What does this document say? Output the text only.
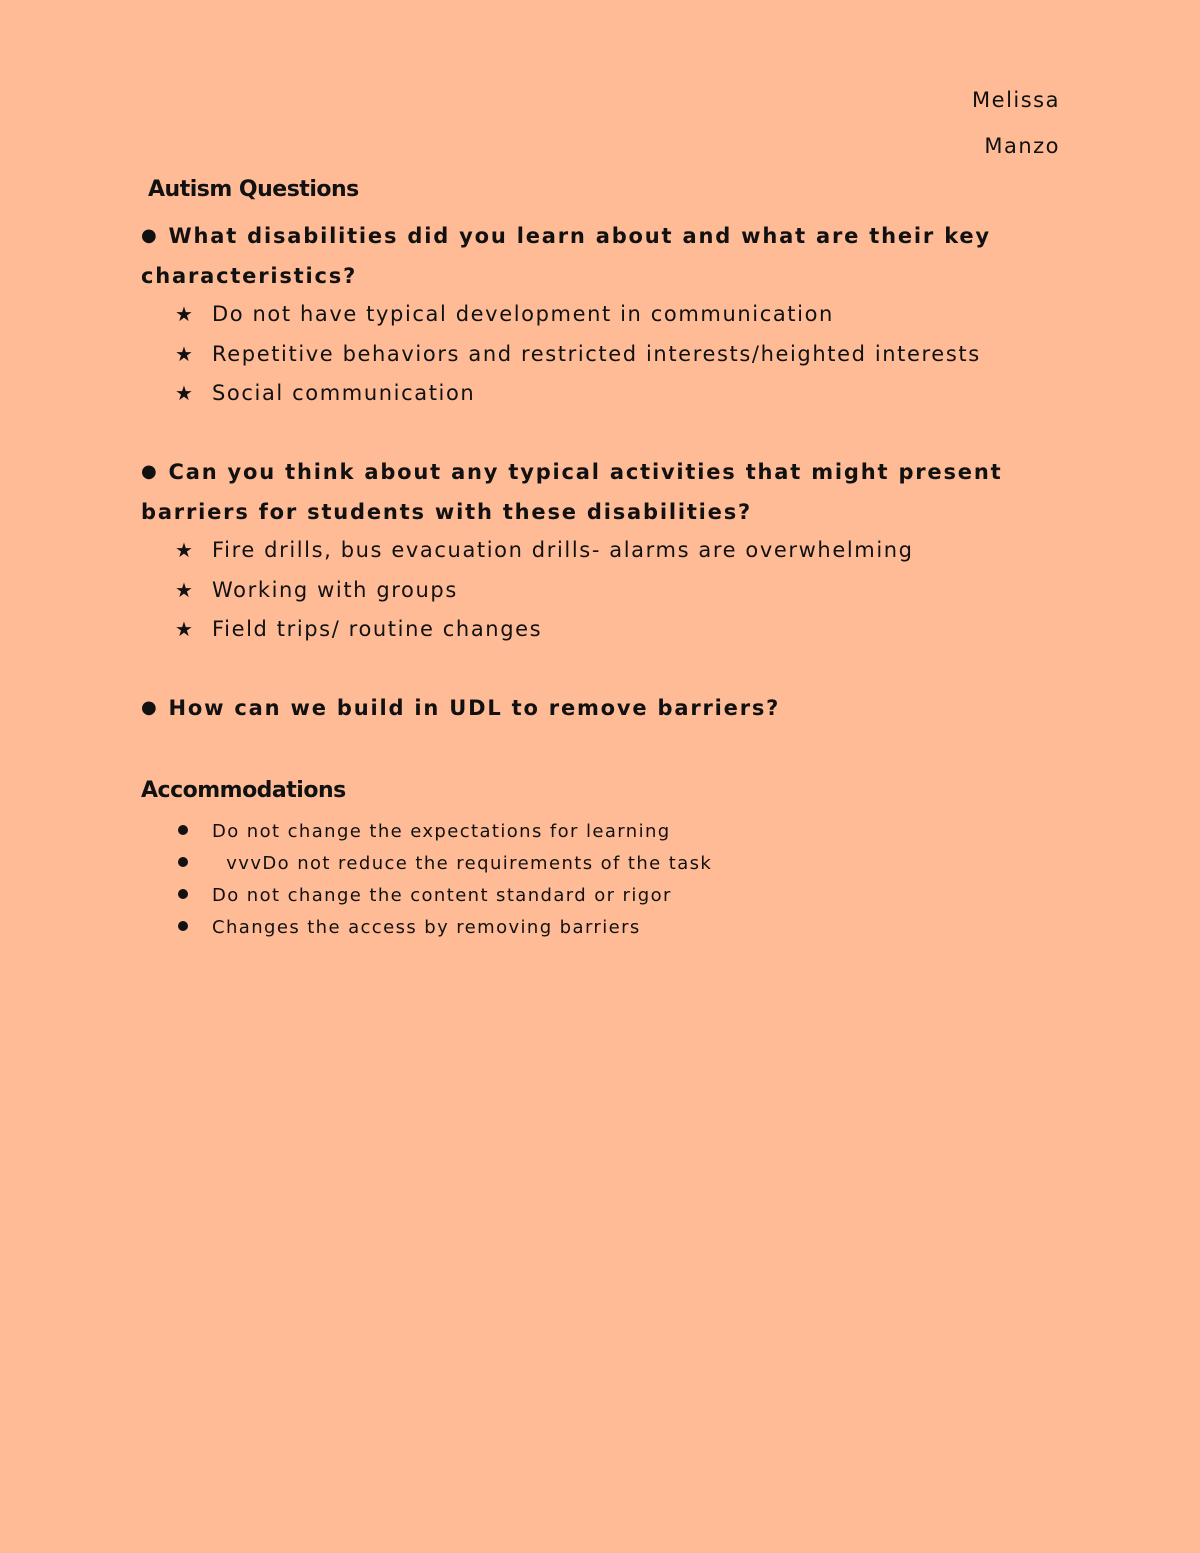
Melissa
Manzo
Autism Questions
● What disabilities did you learn about and what are their key characteristics?
★ Do not have typical development in communication
★ Repetitive behaviors and restricted interests/heighted interests
★ Social communication
● Can you think about any typical activities that might present barriers for students with these disabilities?
★ Fire drills, bus evacuation drills- alarms are overwhelming
★ Working with groups
★ Field trips/ routine changes
● How can we build in UDL to remove barriers?
Accommodations
Do not change the expectations for learning
vvvDo not reduce the requirements of the task
Do not change the content standard or rigor
Changes the access by removing barriers
